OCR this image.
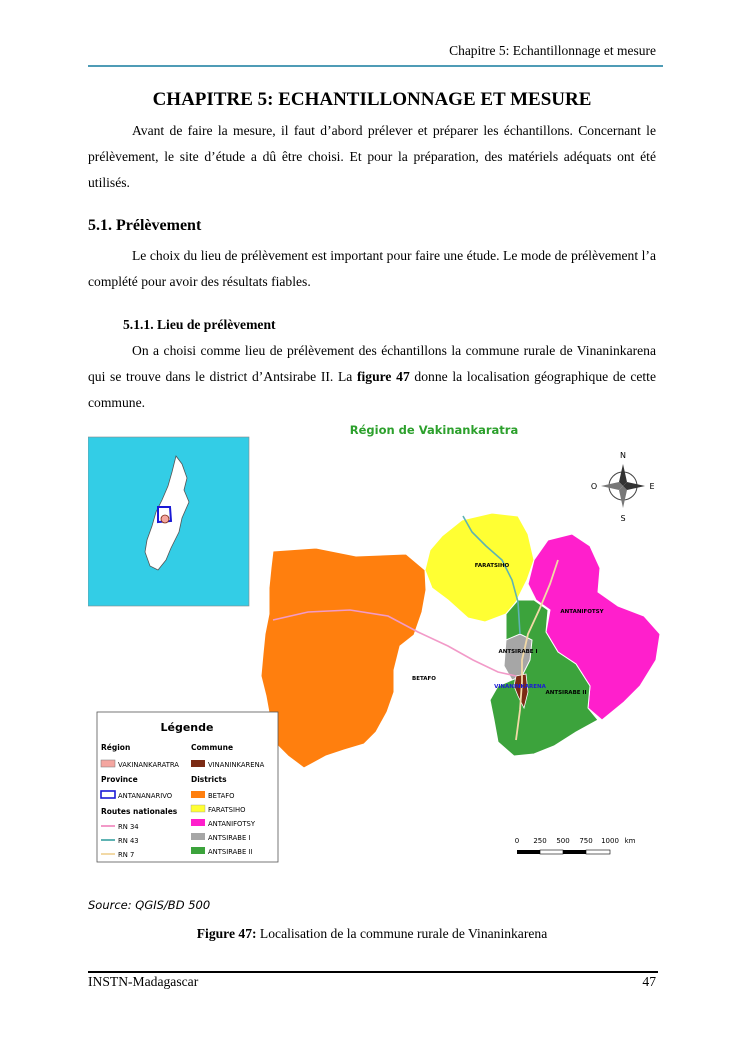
Chapitre 5: Echantillonnage et mesure
CHAPITRE 5: ECHANTILLONNAGE ET MESURE

Avant de faire la mesure, il faut d’abord prélever et préparer les échantillons. Concernant le prélèvement, le site d’étude a dû être choisi. Et pour la préparation, des matériels adéquats ont été utilisés.

5.1. Prélèvement

Le choix du lieu de prélèvement est important pour faire une étude. Le mode de prélèvement l’a complété pour avoir des résultats fiables.

5.1.1. Lieu de prélèvement

On a choisi comme lieu de prélèvement des échantillons la commune rurale de Vinaninkarena qui se trouve dans le district d’Antsirabe II. La figure 47 donne la localisation géographique de cette commune.

Région de Vakinankaratra
N
S
E
O
FARATSIHO
ANTANIFOTSY
ANTSIRABE I
BETAFO
VINANINKARENA
ANTSIRABE II
Légende
Région
VAKINANKARATRA
Province
ANTANANARIVO
Routes nationales
RN 34
RN 43
RN 7
Commune
VINANINKARENA
Districts
BETAFO
FARATSIHO
ANTANIFOTSY
ANTSIRABE I
ANTSIRABE II
0 250 500 750 1000 km
Source: QGIS/BD 500
Figure 47: Localisation de la commune rurale de Vinaninkarena
INSTN-Madagascar	47
